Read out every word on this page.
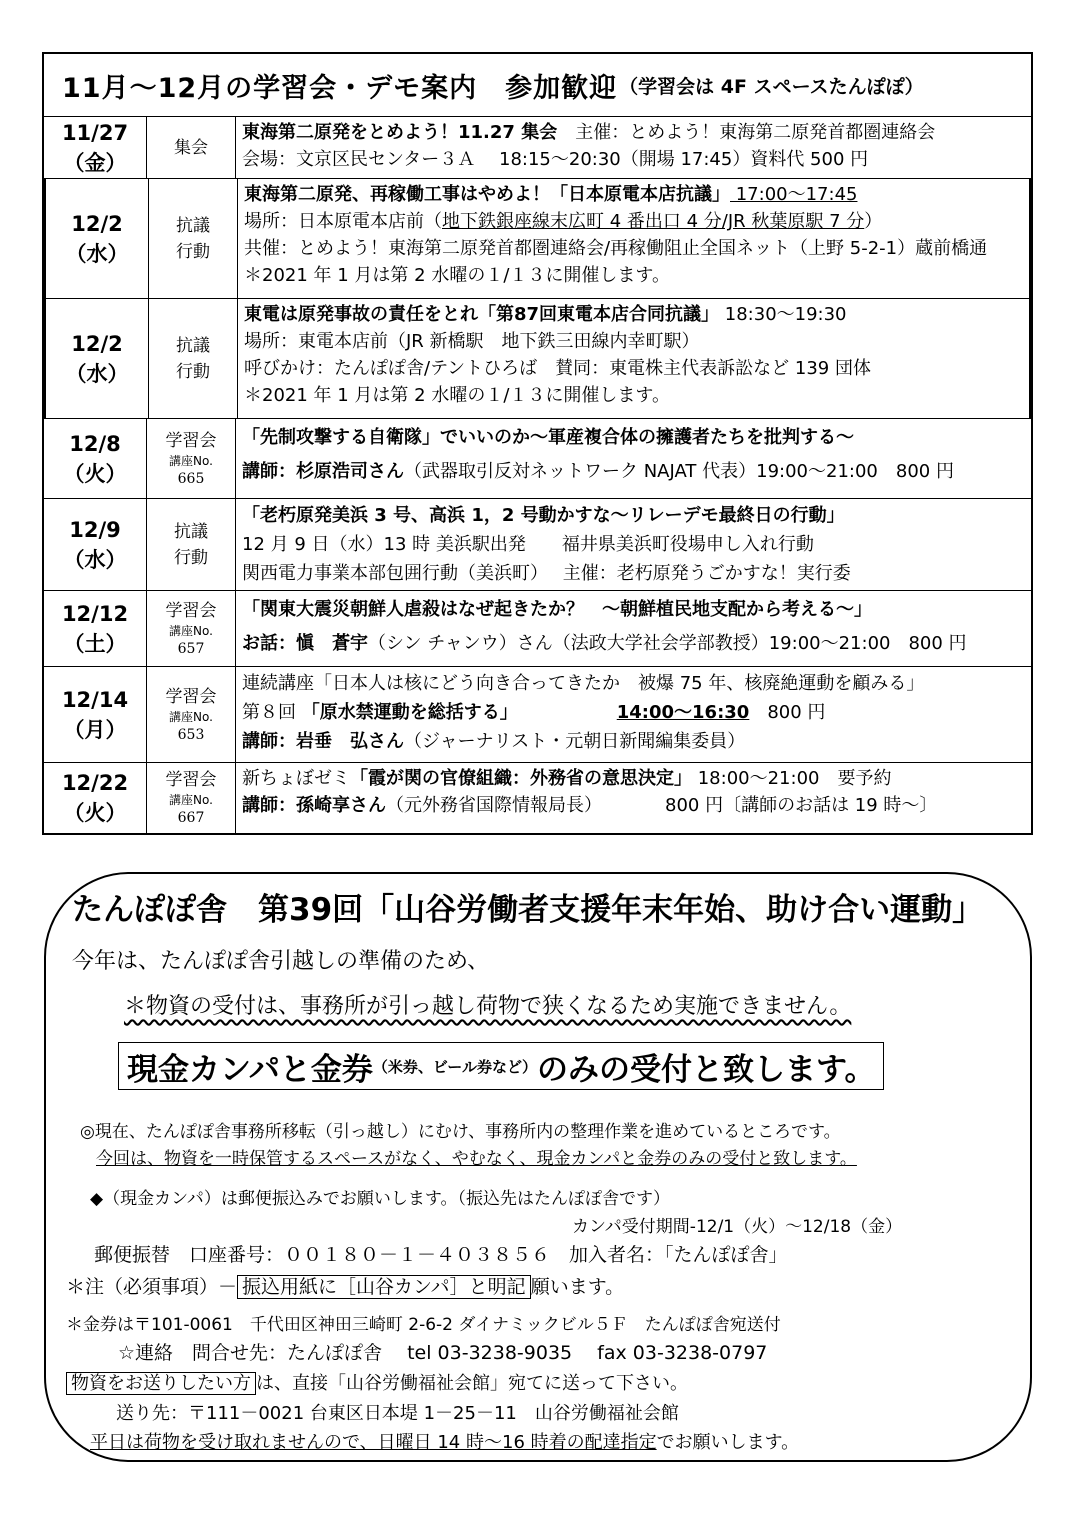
11月～12月の学習会・デモ案内　参加歓迎 （学習会は 4F スペースたんぽぽ）
11/27
（金）
集会
東海第二原発をとめよう！11.27 集会　主催：とめよう！東海第二原発首都圏連絡会
会場：文京区民センター３Ａ　 18:15～20:30（開場 17:45）資料代 500 円
12/2
（水）
抗議
行動
東海第二原発、再稼働工事はやめよ！「日本原電本店抗議」 17:00～17:45
場所：日本原電本店前（地下鉄銀座線末広町 4 番出口 4 分/JR 秋葉原駅 7 分）
共催：とめよう！東海第二原発首都圏連絡会/再稼働阻止全国ネット（上野 5-2-1）蔵前橋通
＊2021 年 1 月は第 2 水曜の１/１３に開催します。
12/2
（水）
抗議
行動
東電は原発事故の責任をとれ「第87回東電本店合同抗議」 18:30～19:30
場所：東電本店前（JR 新橋駅　地下鉄三田線内幸町駅）
呼びかけ：たんぽぽ舎/テントひろば　賛同：東電株主代表訴訟など 139 団体
＊2021 年 1 月は第 2 水曜の１/１３に開催します。
12/8
（火）
学習会
講座No.
665
「先制攻撃する自衛隊」でいいのか～軍産複合体の擁護者たちを批判する～
講師：杉原浩司さん（武器取引反対ネットワーク NAJAT 代表）19:00～21:00　800 円
12/9
（水）
抗議
行動
「老朽原発美浜 3 号、高浜 1，2 号動かすな～リレーデモ最終日の行動」
12 月 9 日（水）13 時 美浜駅出発　　福井県美浜町役場申し入れ行動
関西電力事業本部包囲行動（美浜町）　 主催：老朽原発うごかすな！実行委
12/12
（土）
学習会
講座No.
657
「関東大震災朝鮮人虐殺はなぜ起きたか？　～朝鮮植民地支配から考える～」
お話：愼　蒼宇（シン チャンウ）さん（法政大学社会学部教授）19:00～21:00　800 円
12/14
（月）
学習会
講座No.
653
連続講座「日本人は核にどう向き合ってきたか　被爆 75 年、核廃絶運動を顧みる」
第８回 「原水禁運動を総括する」　　　　　　	14:00～16:30　800 円
講師：岩垂　弘さん（ジャーナリスト・元朝日新聞編集委員）
12/22
（火）
学習会
講座No.
667
新ちょぼゼミ「霞が関の官僚組織：外務省の意思決定」 18:00～21:00　要予約
講師：孫崎享さん（元外務省国際情報局長）　　　　800 円〔講師のお話は 19 時～〕
たんぽぽ舎　第39回「山谷労働者支援年末年始、助け合い運動」
今年は、たんぽぽ舎引越しの準備のため、
＊物資の受付は、事務所が引っ越し荷物で狭くなるため実施できません。
現金カンパと金券 （米券、ビール券など） のみの受付と致します。
◎現在、たんぽぽ舎事務所移転（引っ越し）にむけ、事務所内の整理作業を進めているところです。
今回は、物資を一時保管するスペースがなく、やむなく、現金カンパと金券のみの受付と致します。
◆（現金カンパ）は郵便振込みでお願いします。（振込先はたんぽぽ舎です）
カンパ受付期間-12/1（火）～12/18（金）
郵便振替　口座番号：００１８０－１－４０３８５６　加入者名：「たんぽぽ舎」
＊注（必須事項）－ 振込用紙に［山谷カンパ］と明記 願います。
＊金券は〒101-0061　千代田区神田三崎町 2-6-2 ダイナミックビル５Ｆ　たんぽぽ舎宛送付
☆連絡　問合せ先：たんぽぽ舎　 tel 03-3238-9035　 fax 03-3238-0797
物資をお送りしたい方 は、直接「山谷労働福祉会館」宛てに送って下さい。
送り先：〒111－0021 台東区日本堤 1－25－11　山谷労働福祉会館
平日は荷物を受け取れませんので、日曜日 14 時～16 時着の配達指定でお願いします。
